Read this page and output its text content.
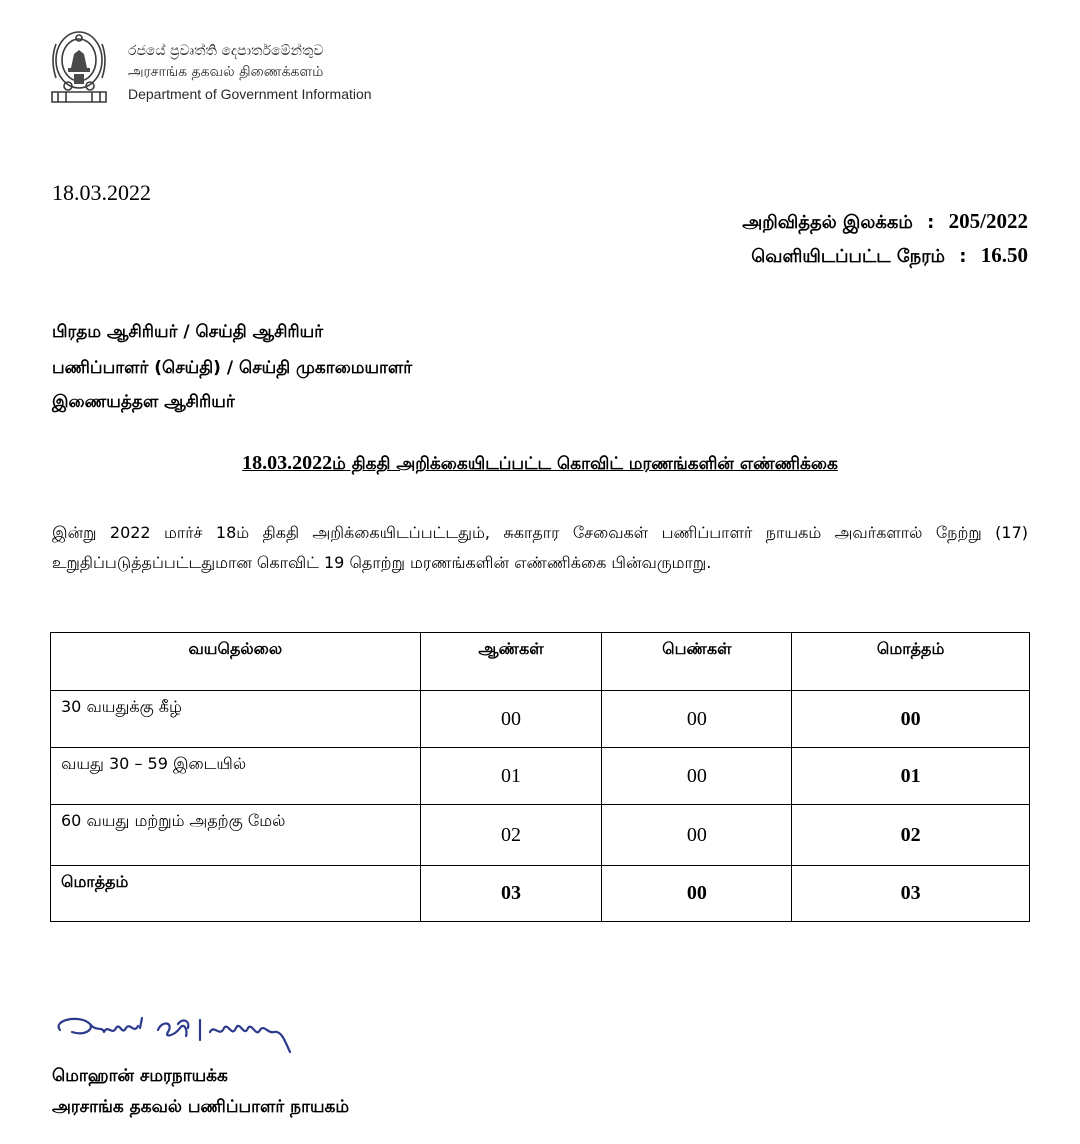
රජයේ ප්‍රවෘත්ති දෙපාර්තමේන්තුව
அரசாங்க தகவல் திணைக்களம்
Department of Government Information
18.03.2022
அறிவித்தல் இலக்கம் : 205/2022
வெளியிடப்பட்ட நேரம் : 16.50
பிரதம ஆசிரியர் / செய்தி ஆசிரியர்
பணிப்பாளர் (செய்தி) / செய்தி முகாமையாளர்
இணையத்தள ஆசிரியர்
18.03.2022ம் திகதி அறிக்கையிடப்பட்ட கொவிட் மரணங்களின் எண்ணிக்கை
இன்று 2022 மார்ச் 18ம் திகதி அறிக்கையிடப்பட்டதும், சுகாதார சேவைகள் பணிப்பாளர் நாயகம் அவர்களால் நேற்று (17) உறுதிப்படுத்தப்பட்டதுமான கொவிட் 19 தொற்று மரணங்களின் எண்ணிக்கை பின்வருமாறு.
வயதெல்லை	ஆண்கள்	பெண்கள்	மொத்தம்
30 வயதுக்கு கீழ்	00	00	00
வயது 30 – 59 இடையில்	01	00	01
60 வயது மற்றும் அதற்கு மேல்	02	00	02
மொத்தம்	03	00	03
மொஹான் சமரநாயக்க
அரசாங்க தகவல் பணிப்பாளர் நாயகம்
